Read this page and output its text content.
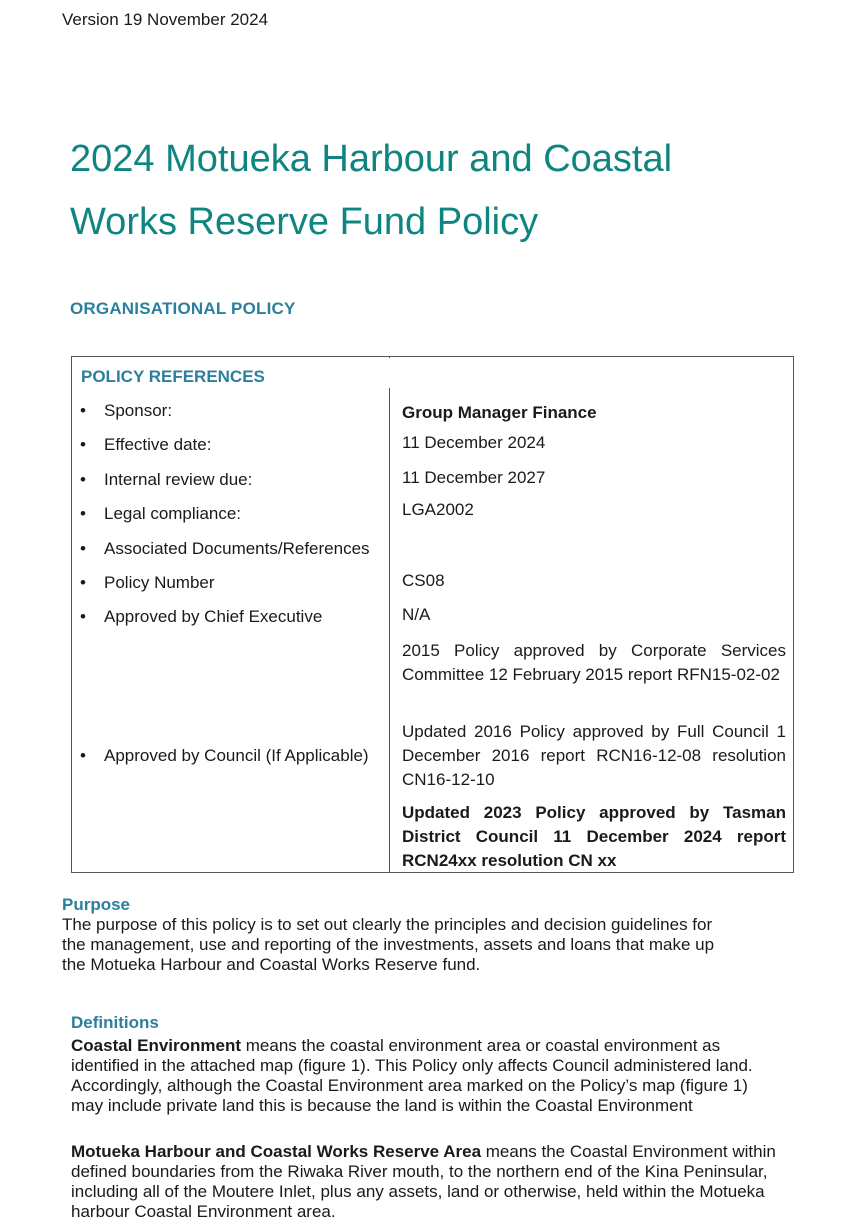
Version 19 November 2024
2024 Motueka Harbour and Coastal
Works Reserve Fund Policy
ORGANISATIONAL POLICY
POLICY REFERENCES
• Sponsor:	Group Manager Finance
• Effective date:	11 December 2024
• Internal review due:	11 December 2027
• Legal compliance:	LGA2002
• Associated Documents/References
• Policy Number	CS08
• Approved by Chief Executive	N/A
• Approved by Council (If Applicable)
2015 Policy approved by Corporate Services Committee 12 February 2015 report RFN15-02-02
Updated 2016 Policy approved by Full Council 1 December 2016 report RCN16-12-08 resolution CN16-12-10
Updated 2023 Policy approved by Tasman District Council 11 December 2024 report RCN24xx resolution CN xx
Purpose
The purpose of this policy is to set out clearly the principles and decision guidelines for
the management, use and reporting of the investments, assets and loans that make up
the Motueka Harbour and Coastal Works Reserve fund.
Definitions
Coastal Environment means the coastal environment area or coastal environment as
identified in the attached map (figure 1). This Policy only affects Council administered land.
Accordingly, although the Coastal Environment area marked on the Policy’s map (figure 1)
may include private land this is because the land is within the Coastal Environment
Motueka Harbour and Coastal Works Reserve Area means the Coastal Environment within
defined boundaries from the Riwaka River mouth, to the northern end of the Kina Peninsular,
including all of the Moutere Inlet, plus any assets, land or otherwise, held within the Motueka
harbour Coastal Environment area.
